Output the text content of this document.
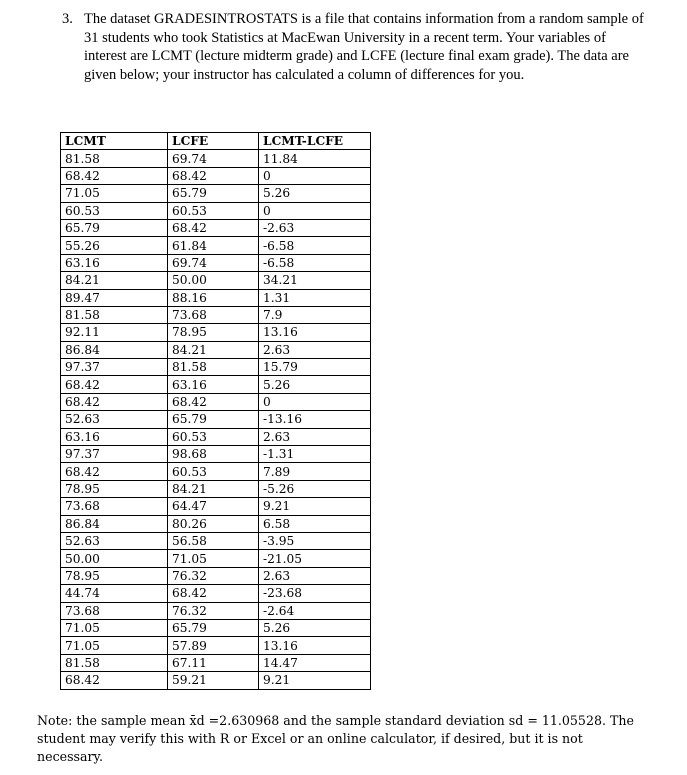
3. The dataset GRADESINTROSTATS is a file that contains information from a random sample of 31 students who took Statistics at MacEwan University in a recent term. Your variables of interest are LCMT (lecture midterm grade) and LCFE (lecture final exam grade). The data are given below; your instructor has calculated a column of differences for you.
LCMT	LCFE	LCMT-LCFE
81.58	69.74	11.84
68.42	68.42	0
71.05	65.79	5.26
60.53	60.53	0
65.79	68.42	-2.63
55.26	61.84	-6.58
63.16	69.74	-6.58
84.21	50.00	34.21
89.47	88.16	1.31
81.58	73.68	7.9
92.11	78.95	13.16
86.84	84.21	2.63
97.37	81.58	15.79
68.42	63.16	5.26
68.42	68.42	0
52.63	65.79	-13.16
63.16	60.53	2.63
97.37	98.68	-1.31
68.42	60.53	7.89
78.95	84.21	-5.26
73.68	64.47	9.21
86.84	80.26	6.58
52.63	56.58	-3.95
50.00	71.05	-21.05
78.95	76.32	2.63
44.74	68.42	-23.68
73.68	76.32	-2.64
71.05	65.79	5.26
71.05	57.89	13.16
81.58	67.11	14.47
68.42	59.21	9.21
Note: the sample mean x̄d =2.630968 and the sample standard deviation sd = 11.05528. The student may verify this with R or Excel or an online calculator, if desired, but it is not necessary.
